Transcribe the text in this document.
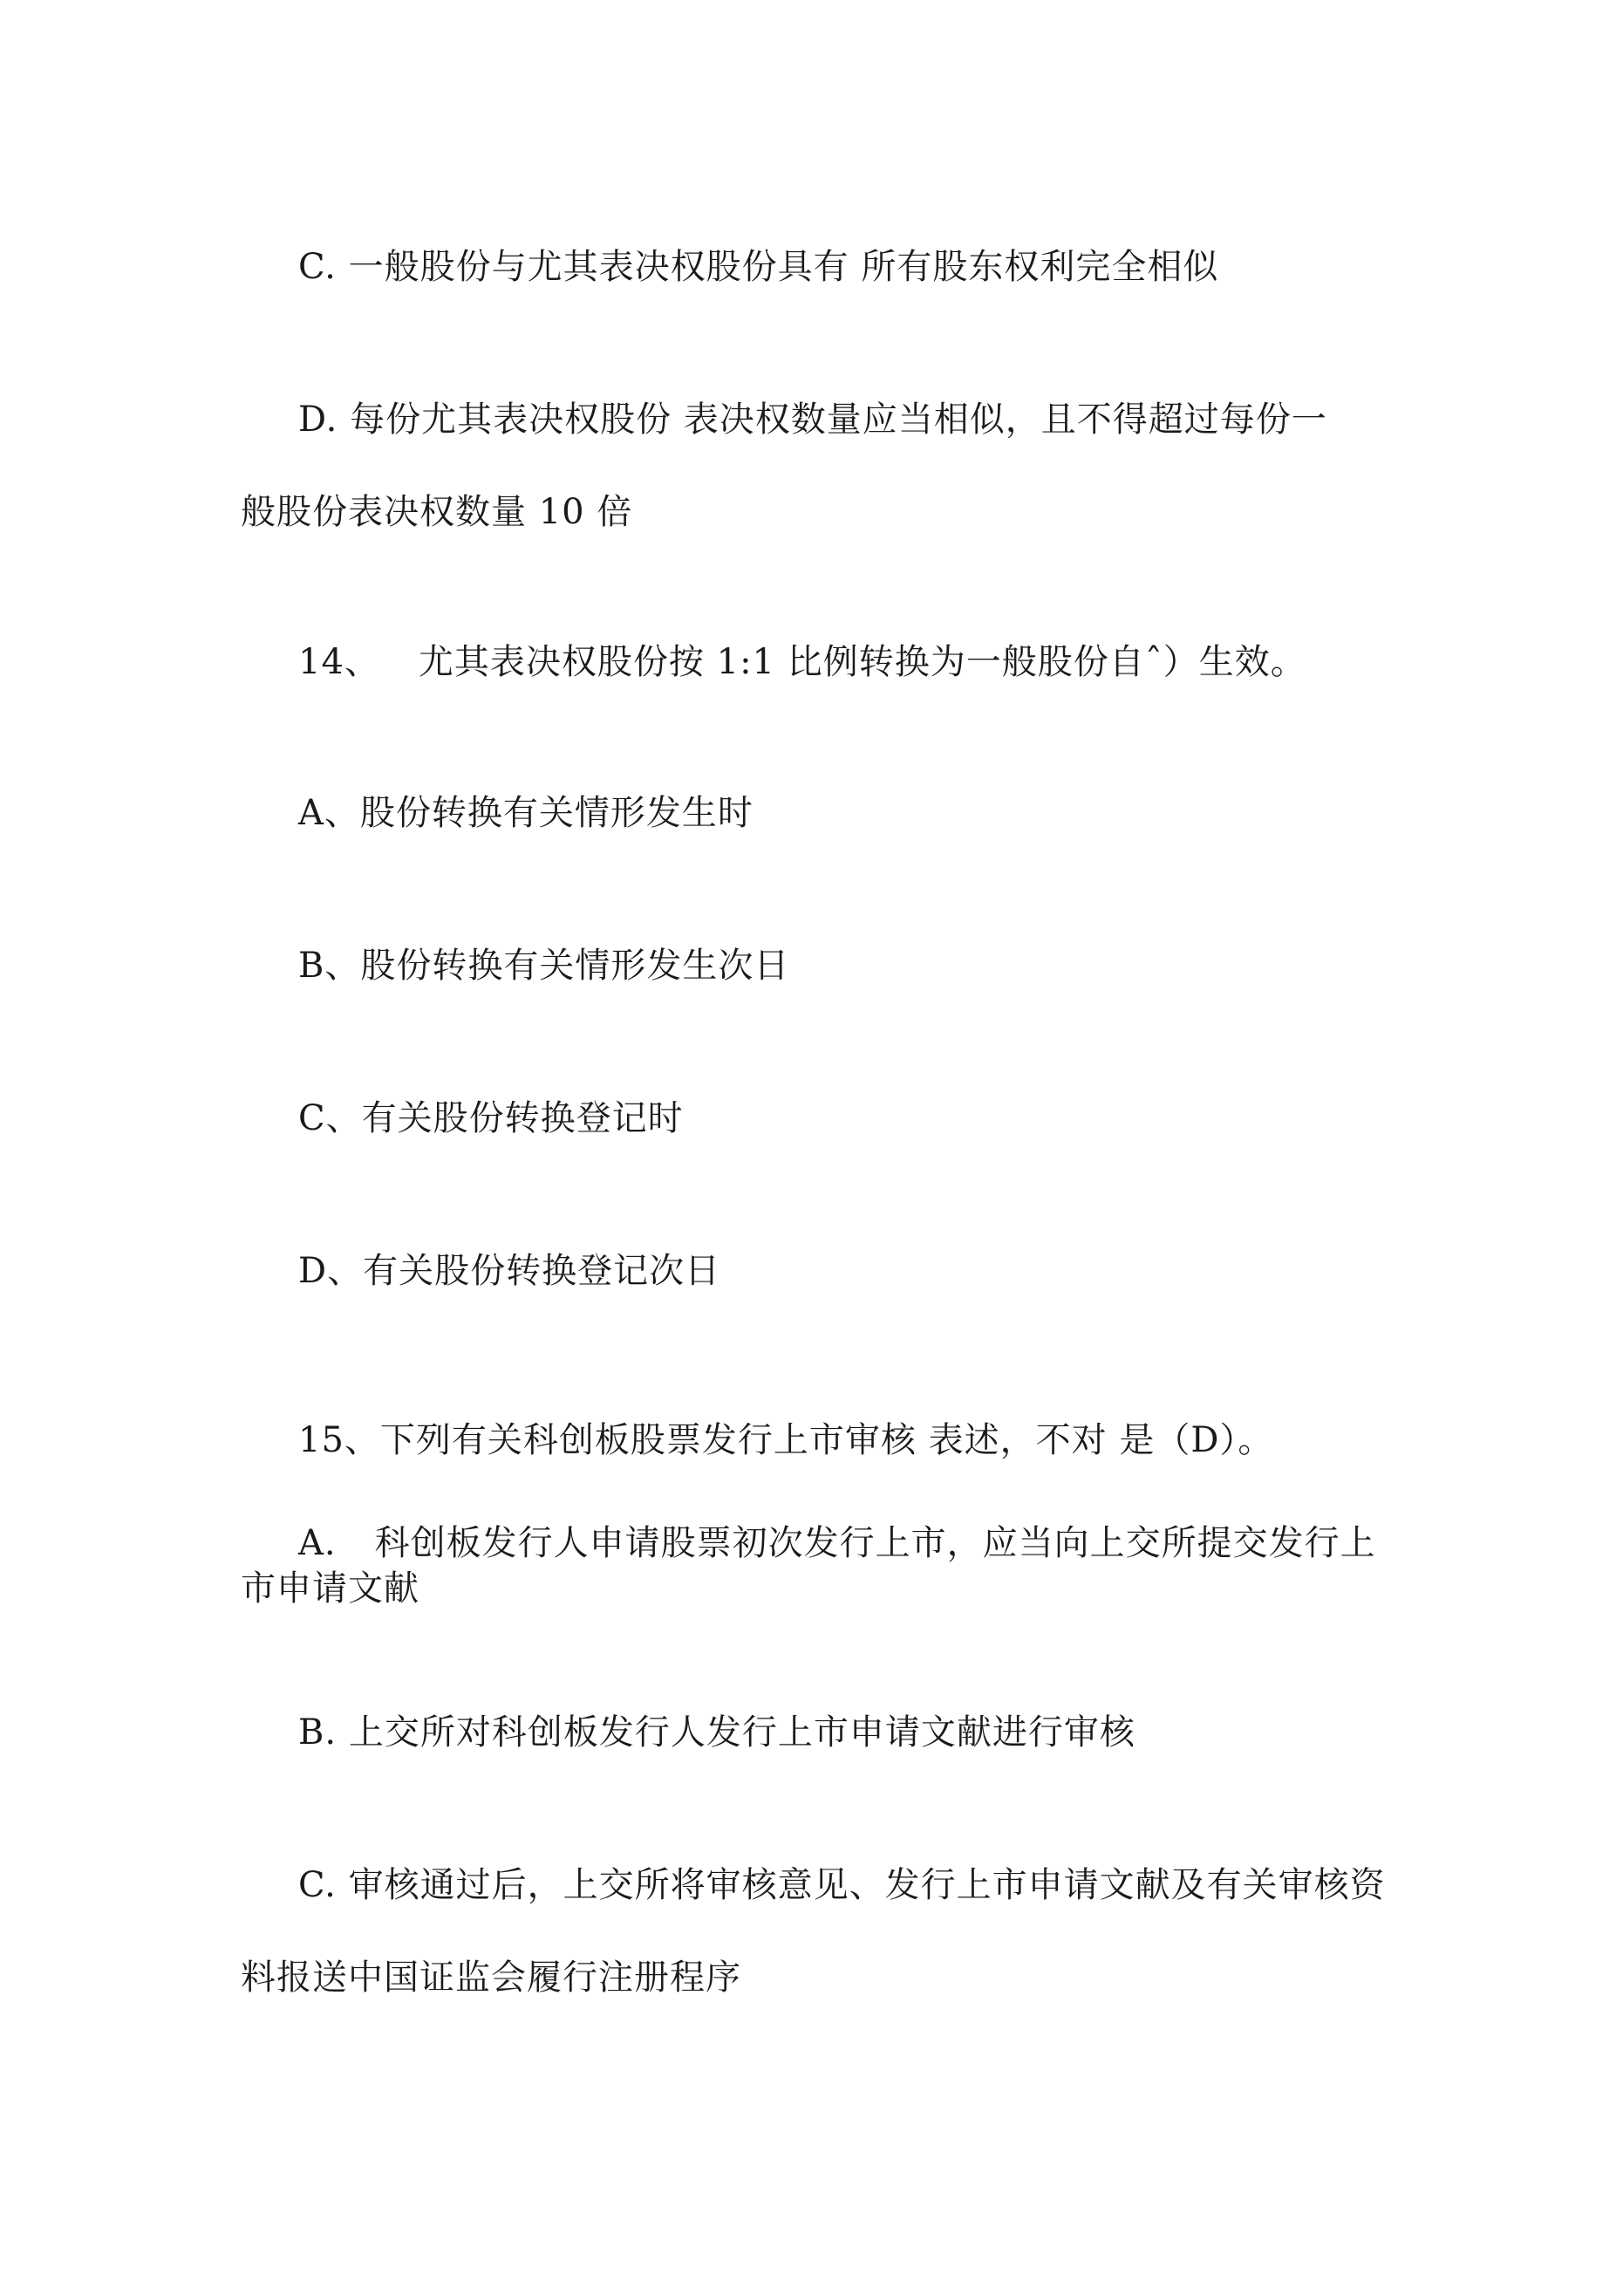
C. 一般股份与尤其表决权股份具有 所有股东权利完全相似
D. 每份尤其表决权股份 表决权数量应当相似，且不得超过每份一
般股份表决权数量 10 倍
14、 尤其表决权股份按 1:1 比例转换为一般股份自ˆ）生效。
A、股份转换有关情形发生时
B、股份转换有关情形发生次日
C、有关股份转换登记时
D、有关股份转换登记次日
15、下列有关科创板股票发行上市审核 表述，不对 是（D）。
A. 科创板发行人申请股票初次发行上市，应当向上交所提交发行上
市申请文献
B. 上交所对科创板发行人发行上市申请文献进行审核
C. 审核通过后，上交所将审核意见、发行上市申请文献及有关审核资
料报送中国证监会履行注册程序
